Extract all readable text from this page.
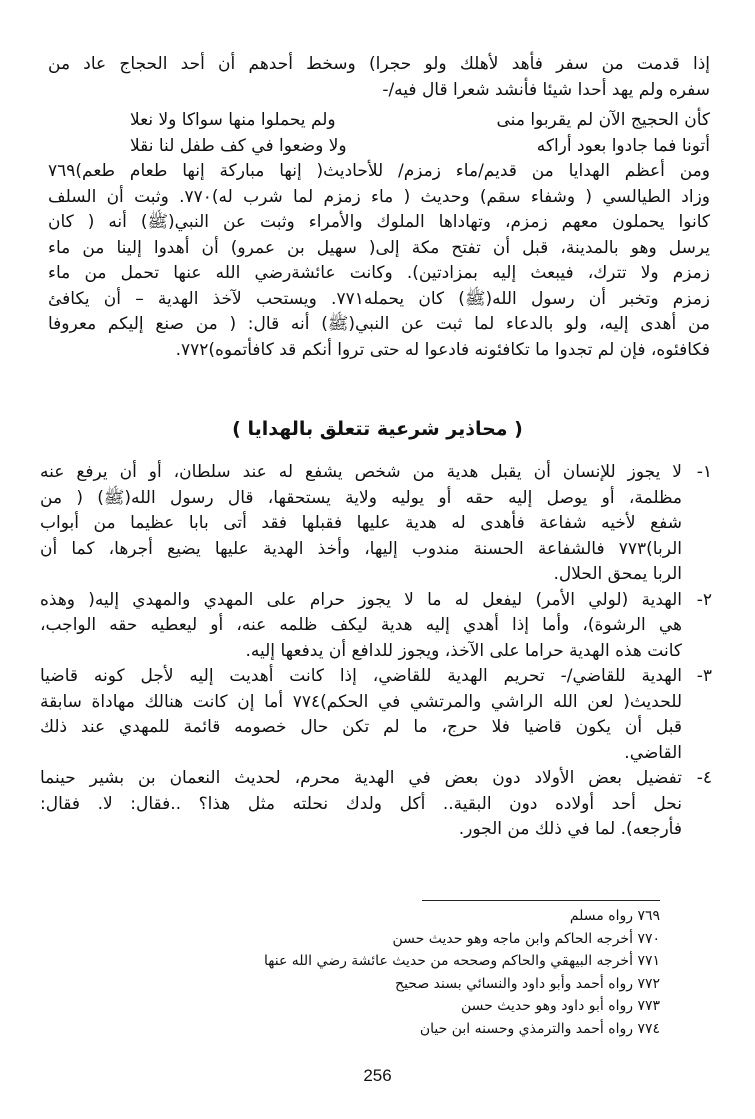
إذا قدمت من سفر فأهد لأهلك ولو حجرا) وسخط أحدهم أن أحد الحجاج عاد من
سفره ولم يهد أحدا شيئا فأنشد شعرا قال فيه/-
كأن الحجيج الآن لم يقربوا منى
ولم يحملوا منها سواكا ولا نعلا
أتونا فما جادوا بعود أراكه
ولا وضعوا في كف طفل لنا نقلا
ومن أعظم الهدايا من قديم/ماء زمزم/ للأحاديث( إنها مباركة إنها طعام طعم)٧٦٩
وزاد الطيالسي ( وشفاء سقم) وحديث ( ماء زمزم لما شرب له)٧٧٠. وثبت أن السلف
كانوا يحملون معهم زمزم، وتهاداها الملوك والأمراء وثبت عن النبي(ﷺ) أنه ( كان
يرسل وهو بالمدينة، قبل أن تفتح مكة إلى( سهيل بن عمرو) أن أهدوا إلينا من ماء
زمزم ولا تترك، فيبعث إليه بمزادتين). وكانت عائشةرضي الله عنها تحمل من ماء
زمزم وتخبر أن رسول الله(ﷺ) كان يحمله٧٧١. ويستحب لآخذ الهدية – أن يكافئ
من أهدى إليه، ولو بالدعاء لما ثبت عن النبي(ﷺ) أنه قال: ( من صنع إليكم معروفا
فكافئوه، فإن لم تجدوا ما تكافئونه فادعوا له حتى تروا أنكم قد كافأتموه)٧٧٢.
( محاذير شرعية تتعلق بالهدايا )
١-
لا يجوز للإنسان أن يقبل هدية من شخص يشفع له عند سلطان، أو أن يرفع عنه
مظلمة، أو يوصل إليه حقه أو يوليه ولاية يستحقها، قال رسول الله(ﷺ) ( من
شفع لأخيه شفاعة فأهدى له هدية عليها فقبلها فقد أتى بابا عظيما من أبواب
الربا)٧٧٣ فالشفاعة الحسنة مندوب إليها، وأخذ الهدية عليها يضيع أجرها، كما أن
الربا يمحق الحلال.
٢-
الهدية (لولي الأمر) ليفعل له ما لا يجوز حرام على المهدي والمهدي إليه( وهذه
هي الرشوة)، وأما إذا أهدي إليه هدية ليكف ظلمه عنه، أو ليعطيه حقه الواجب،
كانت هذه الهدية حراما على الآخذ، ويجوز للدافع أن يدفعها إليه.
٣-
الهدية للقاضي/- تحريم الهدية للقاضي، إذا كانت أهديت إليه لأجل كونه قاضيا
للحديث( لعن الله الراشي والمرتشي في الحكم)٧٧٤ أما إن كانت هنالك مهاداة سابقة
قبل أن يكون قاضيا فلا حرج، ما لم تكن حال خصومه قائمة للمهدي عند ذلك
القاضي.
٤-
تفضيل بعض الأولاد دون بعض في الهدية محرم، لحديث النعمان بن بشير حينما
نحل أحد أولاده دون البقية.. أكل ولدك نحلته مثل هذا؟ ..فقال: لا. فقال:
فأرجعه). لما في ذلك من الجور.
٧٦٩ رواه مسلم
٧٧٠ أخرجه الحاكم وابن ماجه وهو حديث حسن
٧٧١ أخرجه البيهقي والحاكم وصححه من حديث عائشة رضي الله عنها
٧٧٢ رواه أحمد وأبو داود والنسائي بسند صحيح
٧٧٣ رواه أبو داود وهو حديث حسن
٧٧٤ رواه أحمد والترمذي وحسنه ابن حيان
256
